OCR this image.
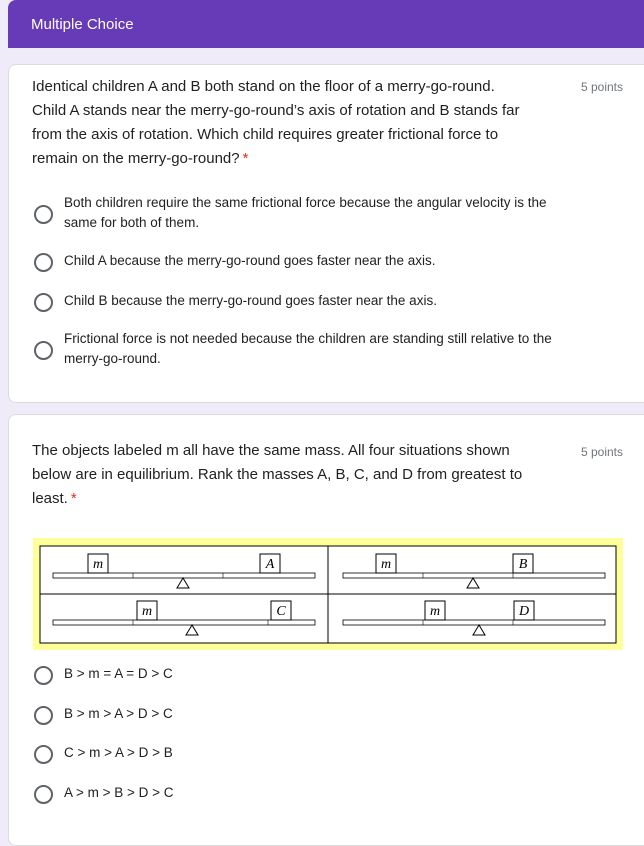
Multiple Choice
Identical children A and B both stand on the floor of a merry-go-round.
Child A stands near the merry-go-round’s axis of rotation and B stands far
from the axis of rotation. Which child requires greater frictional force to
remain on the merry-go-round? *
5 points
Both children require the same frictional force because the angular velocity is the
same for both of them.
Child A because the merry-go-round goes faster near the axis.
Child B because the merry-go-round goes faster near the axis.
Frictional force is not needed because the children are standing still relative to the
merry-go-round.
The objects labeled m all have the same mass. All four situations shown
below are in equilibrium. Rank the masses A, B, C, and D from greatest to
least. *
5 points
m	A	m	B
m	C	m	D
B > m = A = D > C
B > m > A > D > C
C > m > A > D > B
A > m > B > D > C
